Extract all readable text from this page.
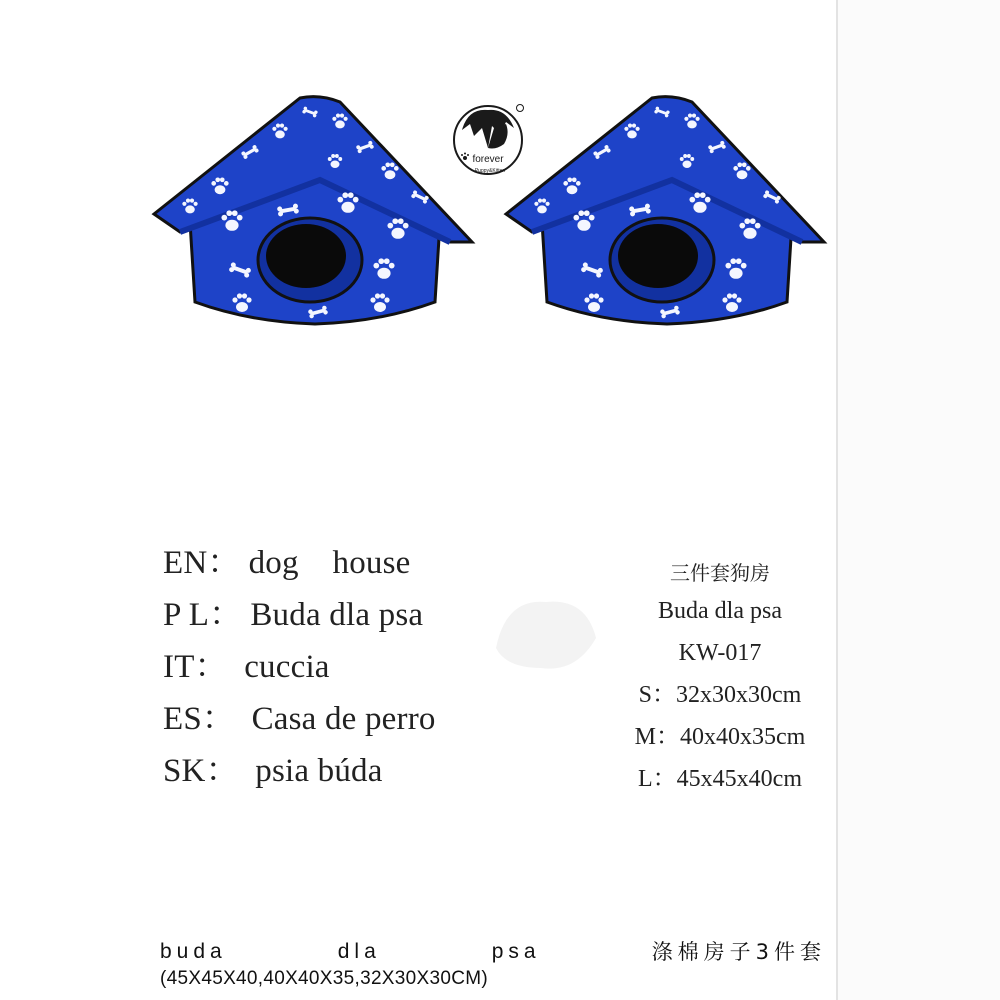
forever
Puppy&Kitten
EN： dog    house
P L： Buda dla psa
IT： cuccia
ES： Casa de perro
SK： psia búda
三件套狗房
Buda dla psa
KW-017
S：32x30x30cm
M：40x40x35cm
L：45x45x40cm
buda	dla	psa	涤棉房子3件套
(45X45X40,40X40X35,32X30X30CM)
